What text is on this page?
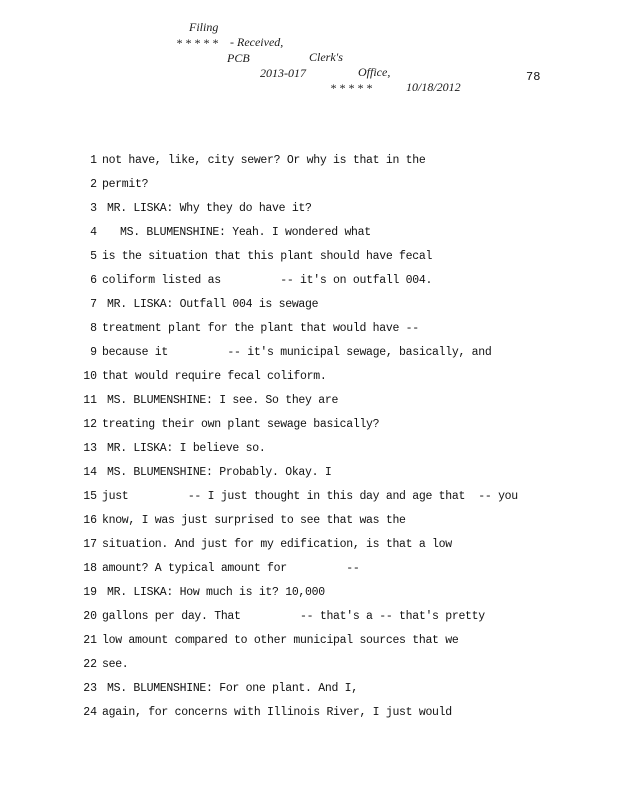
Filing

- Received,

Clerk's

Office,

10/18/2012

* * * * *

PCB

2013-017

* * * * *

78
1 not have, like, city sewer? Or why is that in the
2 permit?
3 MR. LISKA: Why they do have it?
4 MS. BLUMENSHINE: Yeah. I wondered what
5 is the situation that this plant should have fecal
6 coliform listed as         -- it's on outfall 004.
7 MR. LISKA: Outfall 004 is sewage
8 treatment plant for the plant that would have --
9 because it         -- it's municipal sewage, basically, and
10 that would require fecal coliform.
11 MS. BLUMENSHINE: I see. So they are
12 treating their own plant sewage basically?
13 MR. LISKA: I believe so.
14 MS. BLUMENSHINE: Probably. Okay. I
15 just         -- I just thought in this day and age that  -- you
16 know, I was just surprised to see that was the
17 situation. And just for my edification, is that a low
18 amount? A typical amount for         --
19 MR. LISKA: How much is it? 10,000
20 gallons per day. That         -- that's a -- that's pretty
21 low amount compared to other municipal sources that we
22 see.
23 MS. BLUMENSHINE: For one plant. And I,
24 again, for concerns with Illinois River, I just would
